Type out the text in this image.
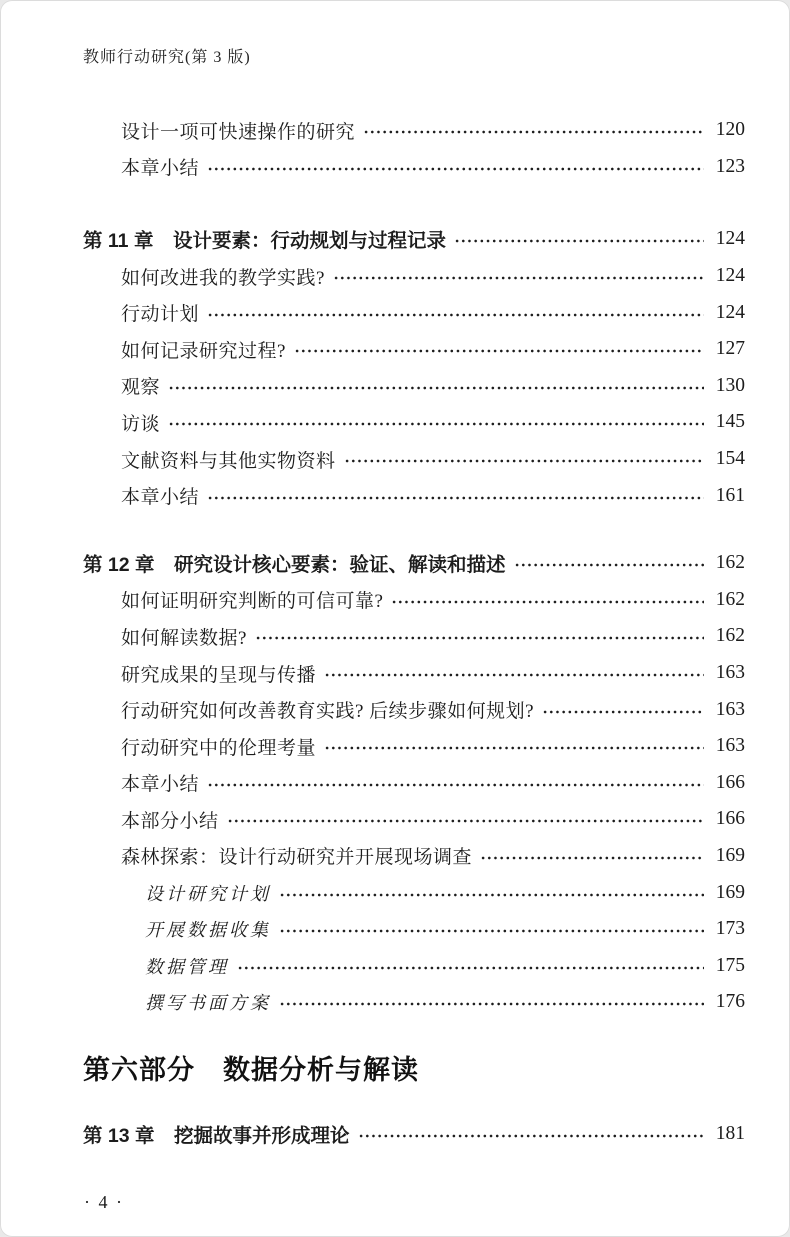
教师行动研究(第 3 版)
设计一项可快速操作的研究	120
本章小结	123
第 11 章　设计要素：行动规划与过程记录	124
如何改进我的教学实践?	124
行动计划	124
如何记录研究过程?	127
观察	130
访谈	145
文献资料与其他实物资料	154
本章小结	161
第 12 章　研究设计核心要素：验证、解读和描述	162
如何证明研究判断的可信可靠?	162
如何解读数据?	162
研究成果的呈现与传播	163
行动研究如何改善教育实践? 后续步骤如何规划?	163
行动研究中的伦理考量	163
本章小结	166
本部分小结	166
森林探索：设计行动研究并开展现场调查	169
设计研究计划	169
开展数据收集	173
数据管理	175
撰写书面方案	176
第六部分　数据分析与解读
第 13 章　挖掘故事并形成理论	181
· 4 ·
